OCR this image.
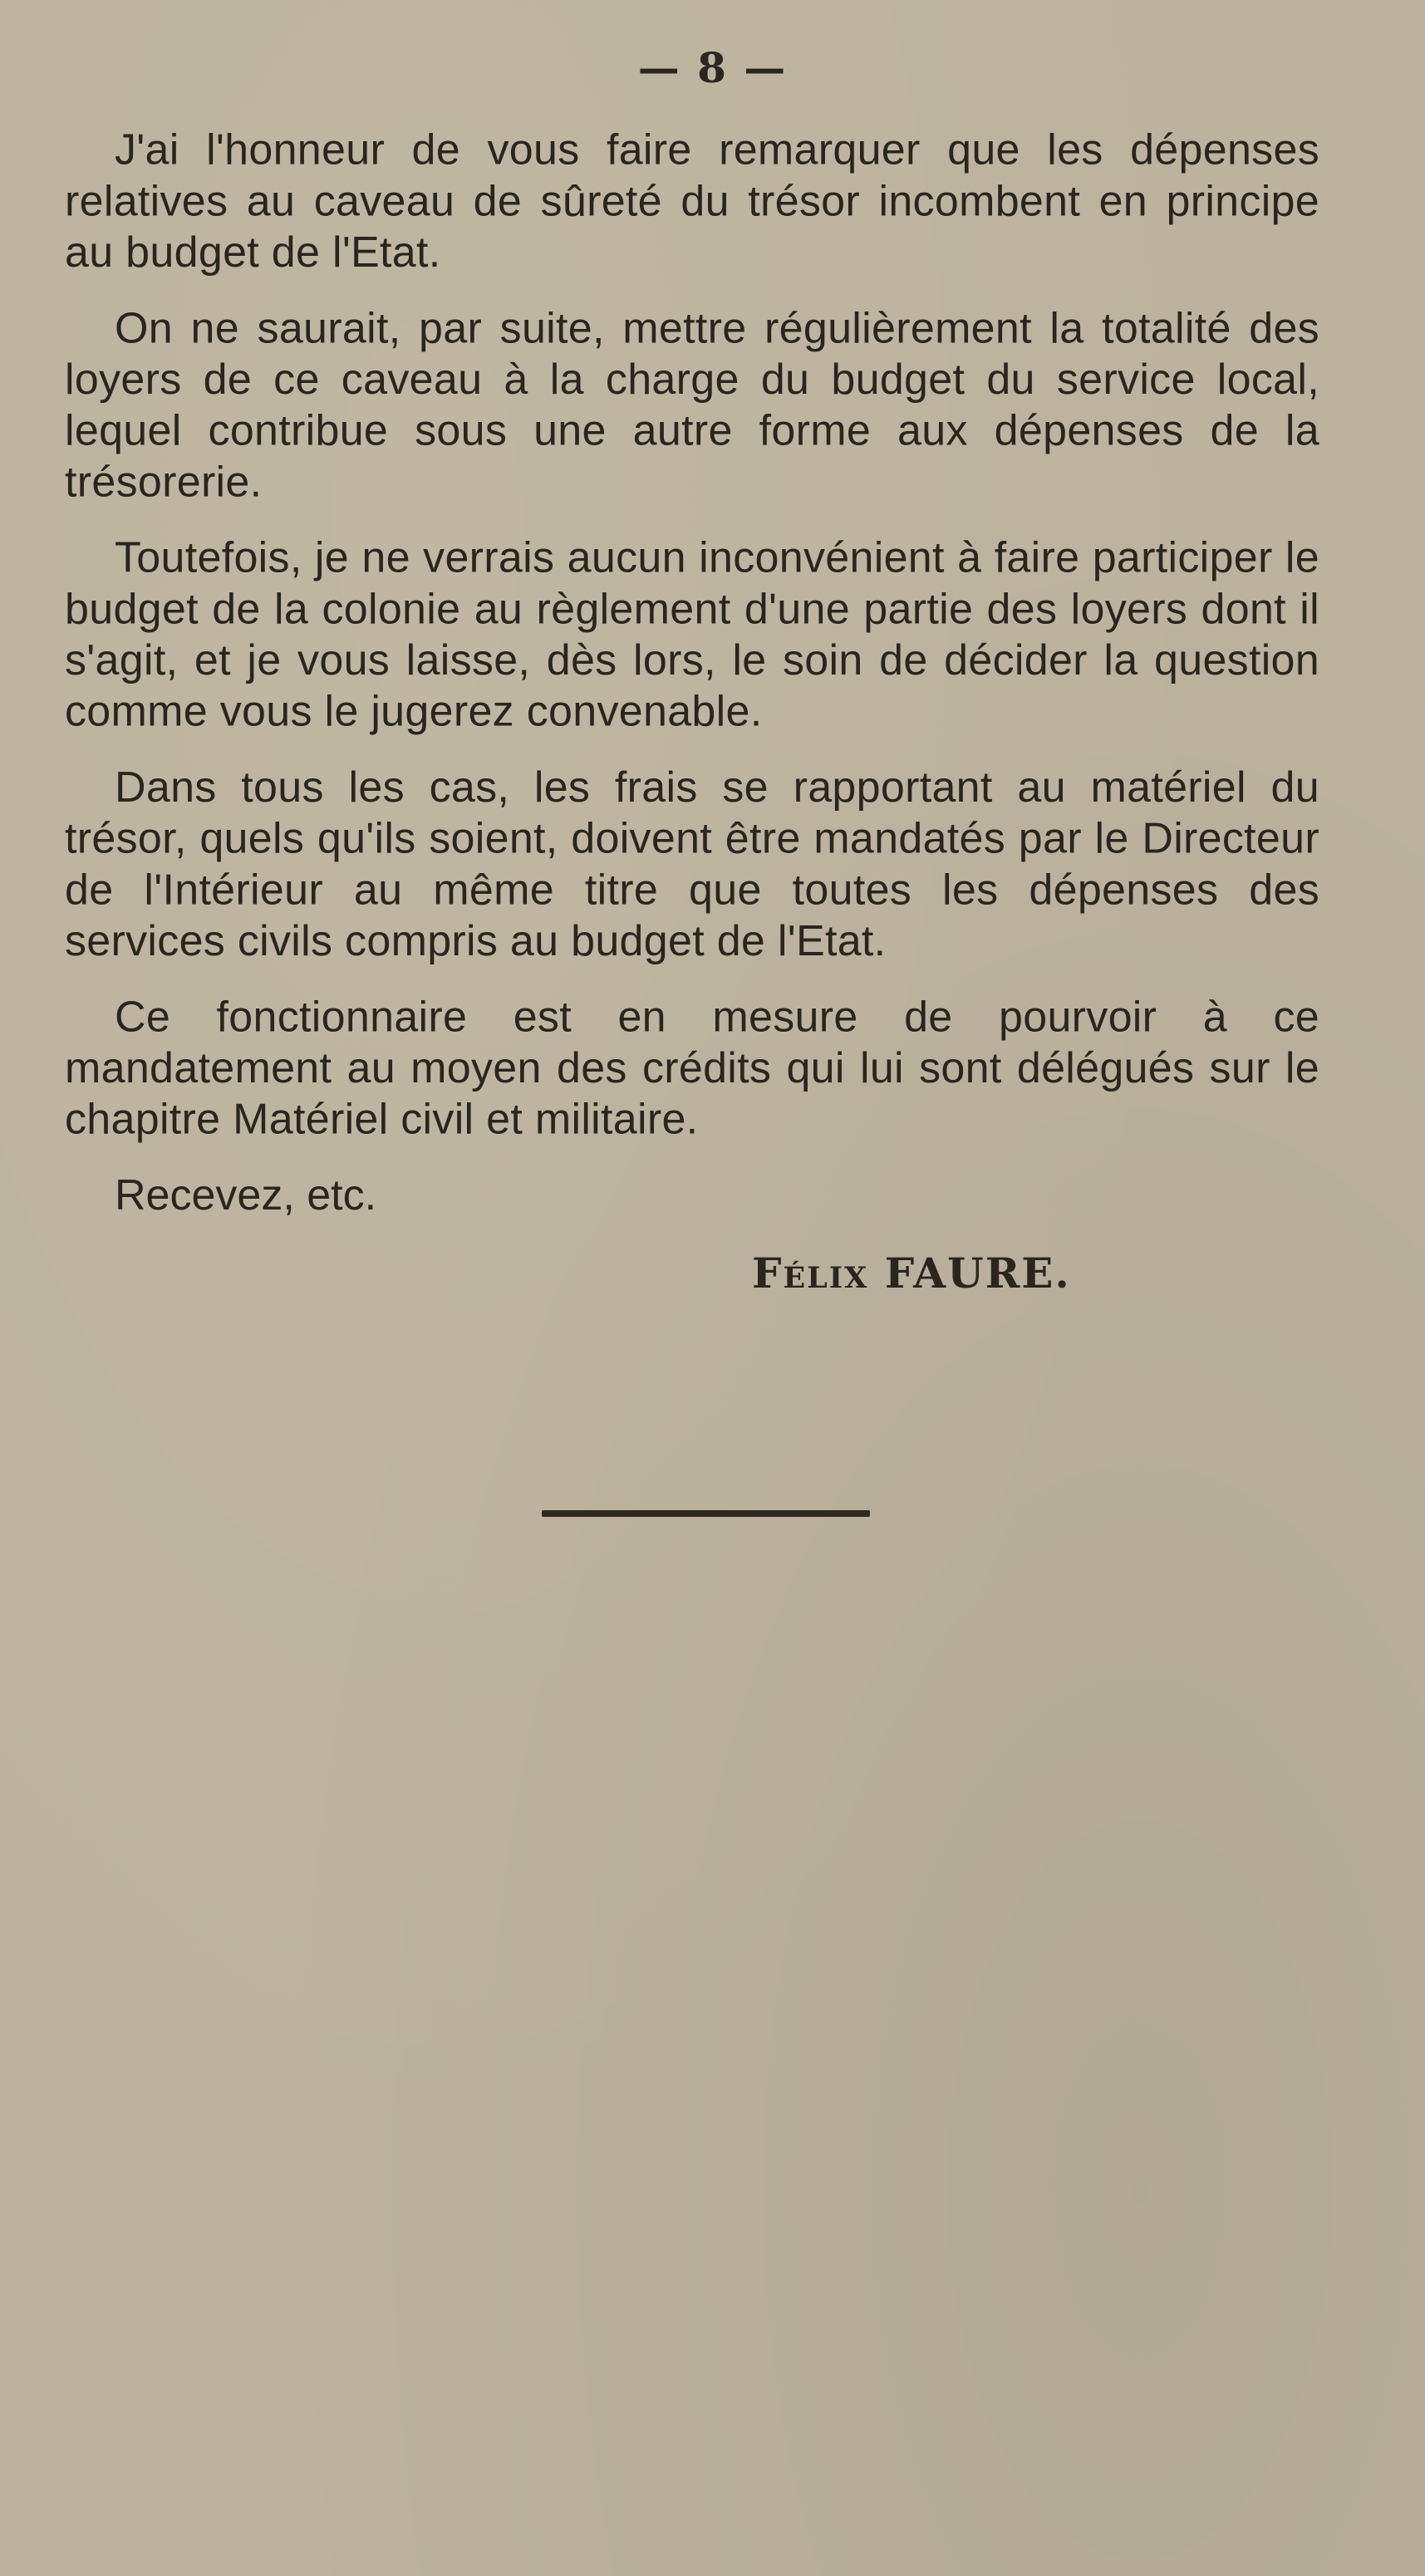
— 8 —

J'ai l'honneur de vous faire remarquer que les dépenses relatives au caveau de sûreté du trésor incombent en principe au budget de l'Etat.

On ne saurait, par suite, mettre régulièrement la totalité des loyers de ce caveau à la charge du budget du service local, lequel contribue sous une autre forme aux dépenses de la trésorerie.

Toutefois, je ne verrais aucun inconvénient à faire participer le budget de la colonie au règlement d'une partie des loyers dont il s'agit, et je vous laisse, dès lors, le soin de décider la question comme vous le jugerez convenable.

Dans tous les cas, les frais se rapportant au matériel du trésor, quels qu'ils soient, doivent être mandatés par le Directeur de l'Intérieur au même titre que toutes les dépenses des services civils compris au budget de l'Etat.

Ce fonctionnaire est en mesure de pourvoir à ce mandatement au moyen des crédits qui lui sont délégués sur le chapitre Matériel civil et militaire.

Recevez, etc.

Félix FAURE.
